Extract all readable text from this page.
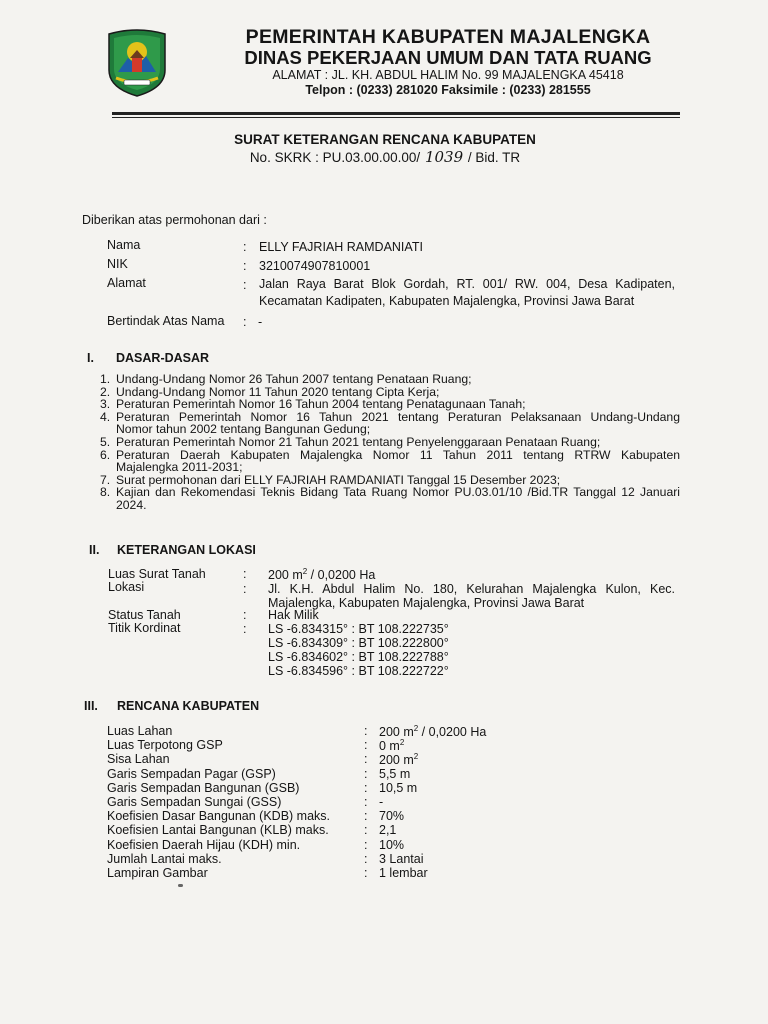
PEMERINTAH KABUPATEN MAJALENGKA
DINAS PEKERJAAN UMUM DAN TATA RUANG
ALAMAT : JL. KH. ABDUL HALIM No. 99 MAJALENGKA 45418
Telpon : (0233) 281020 Faksimile : (0233) 281555
SURAT KETERANGAN RENCANA KABUPATEN
No. SKRK : PU.03.00.00.00/ 1039 / Bid. TR
Diberikan atas permohonan dari :
Nama	: ELLY FAJRIAH RAMDANIATI
NIK	: 3210074907810001
Alamat	: Jalan Raya Barat Blok Gordah, RT. 001/ RW. 004, Desa Kadipaten,
Kecamatan Kadipaten, Kabupaten Majalengka, Provinsi Jawa Barat
Bertindak Atas Nama : -
I. DASAR-DASAR
1. Undang-Undang Nomor 26 Tahun 2007 tentang Penataan Ruang;
2. Undang-Undang Nomor 11 Tahun 2020 tentang Cipta Kerja;
3. Peraturan Pemerintah Nomor 16 Tahun 2004 tentang Penatagunaan Tanah;
4. Peraturan Pemerintah Nomor 16 Tahun 2021 tentang Peraturan Pelaksanaan Undang-Undang
Nomor tahun 2002 tentang Bangunan Gedung;
5. Peraturan Pemerintah Nomor 21 Tahun 2021 tentang Penyelenggaraan Penataan Ruang;
6. Peraturan Daerah Kabupaten Majalengka Nomor 11 Tahun 2011 tentang RTRW Kabupaten
Majalengka 2011-2031;
7. Surat permohonan dari ELLY FAJRIAH RAMDANIATI Tanggal 15 Desember 2023;
8. Kajian dan Rekomendasi Teknis Bidang Tata Ruang Nomor PU.03.01/10 /Bid.TR Tanggal 12 Januari
2024.
II. KETERANGAN LOKASI
Luas Surat Tanah	: 200 $m^2 / 0,0200$ Ha
Lokasi	: Jl. K.H. Abdul Halim No. 180, Kelurahan Majalengka Kulon, Kec.
Majalengka, Kabupaten Majalengka, Provinsi Jawa Barat
Status Tanah	: Hak Milik
Titik Kordinat	: LS -6.834315° : BT 108.222735°
LS -6.834309° : BT 108.222800°
LS -6.834602° : BT 108.222788°
LS -6.834596° : BT 108.222722°
III. RENCANA KABUPATEN
Luas Lahan	: 200 $m^2 / 0,0200$ Ha
Luas Terpotong GSP	: 0 $m^2$
Sisa Lahan	: 200 $m^2$
Garis Sempadan Pagar (GSP)	: 5,5 m
Garis Sempadan Bangunan (GSB)	: 10,5 m
Garis Sempadan Sungai (GSS)	: -
Koefisien Dasar Bangunan (KDB) maks.	: 70%
Koefisien Lantai Bangunan (KLB) maks.	: 2,1
Koefisien Daerah Hijau (KDH) min.	: 10%
Jumlah Lantai maks.	: 3 Lantai
Lampiran Gambar	: 1 lembar
